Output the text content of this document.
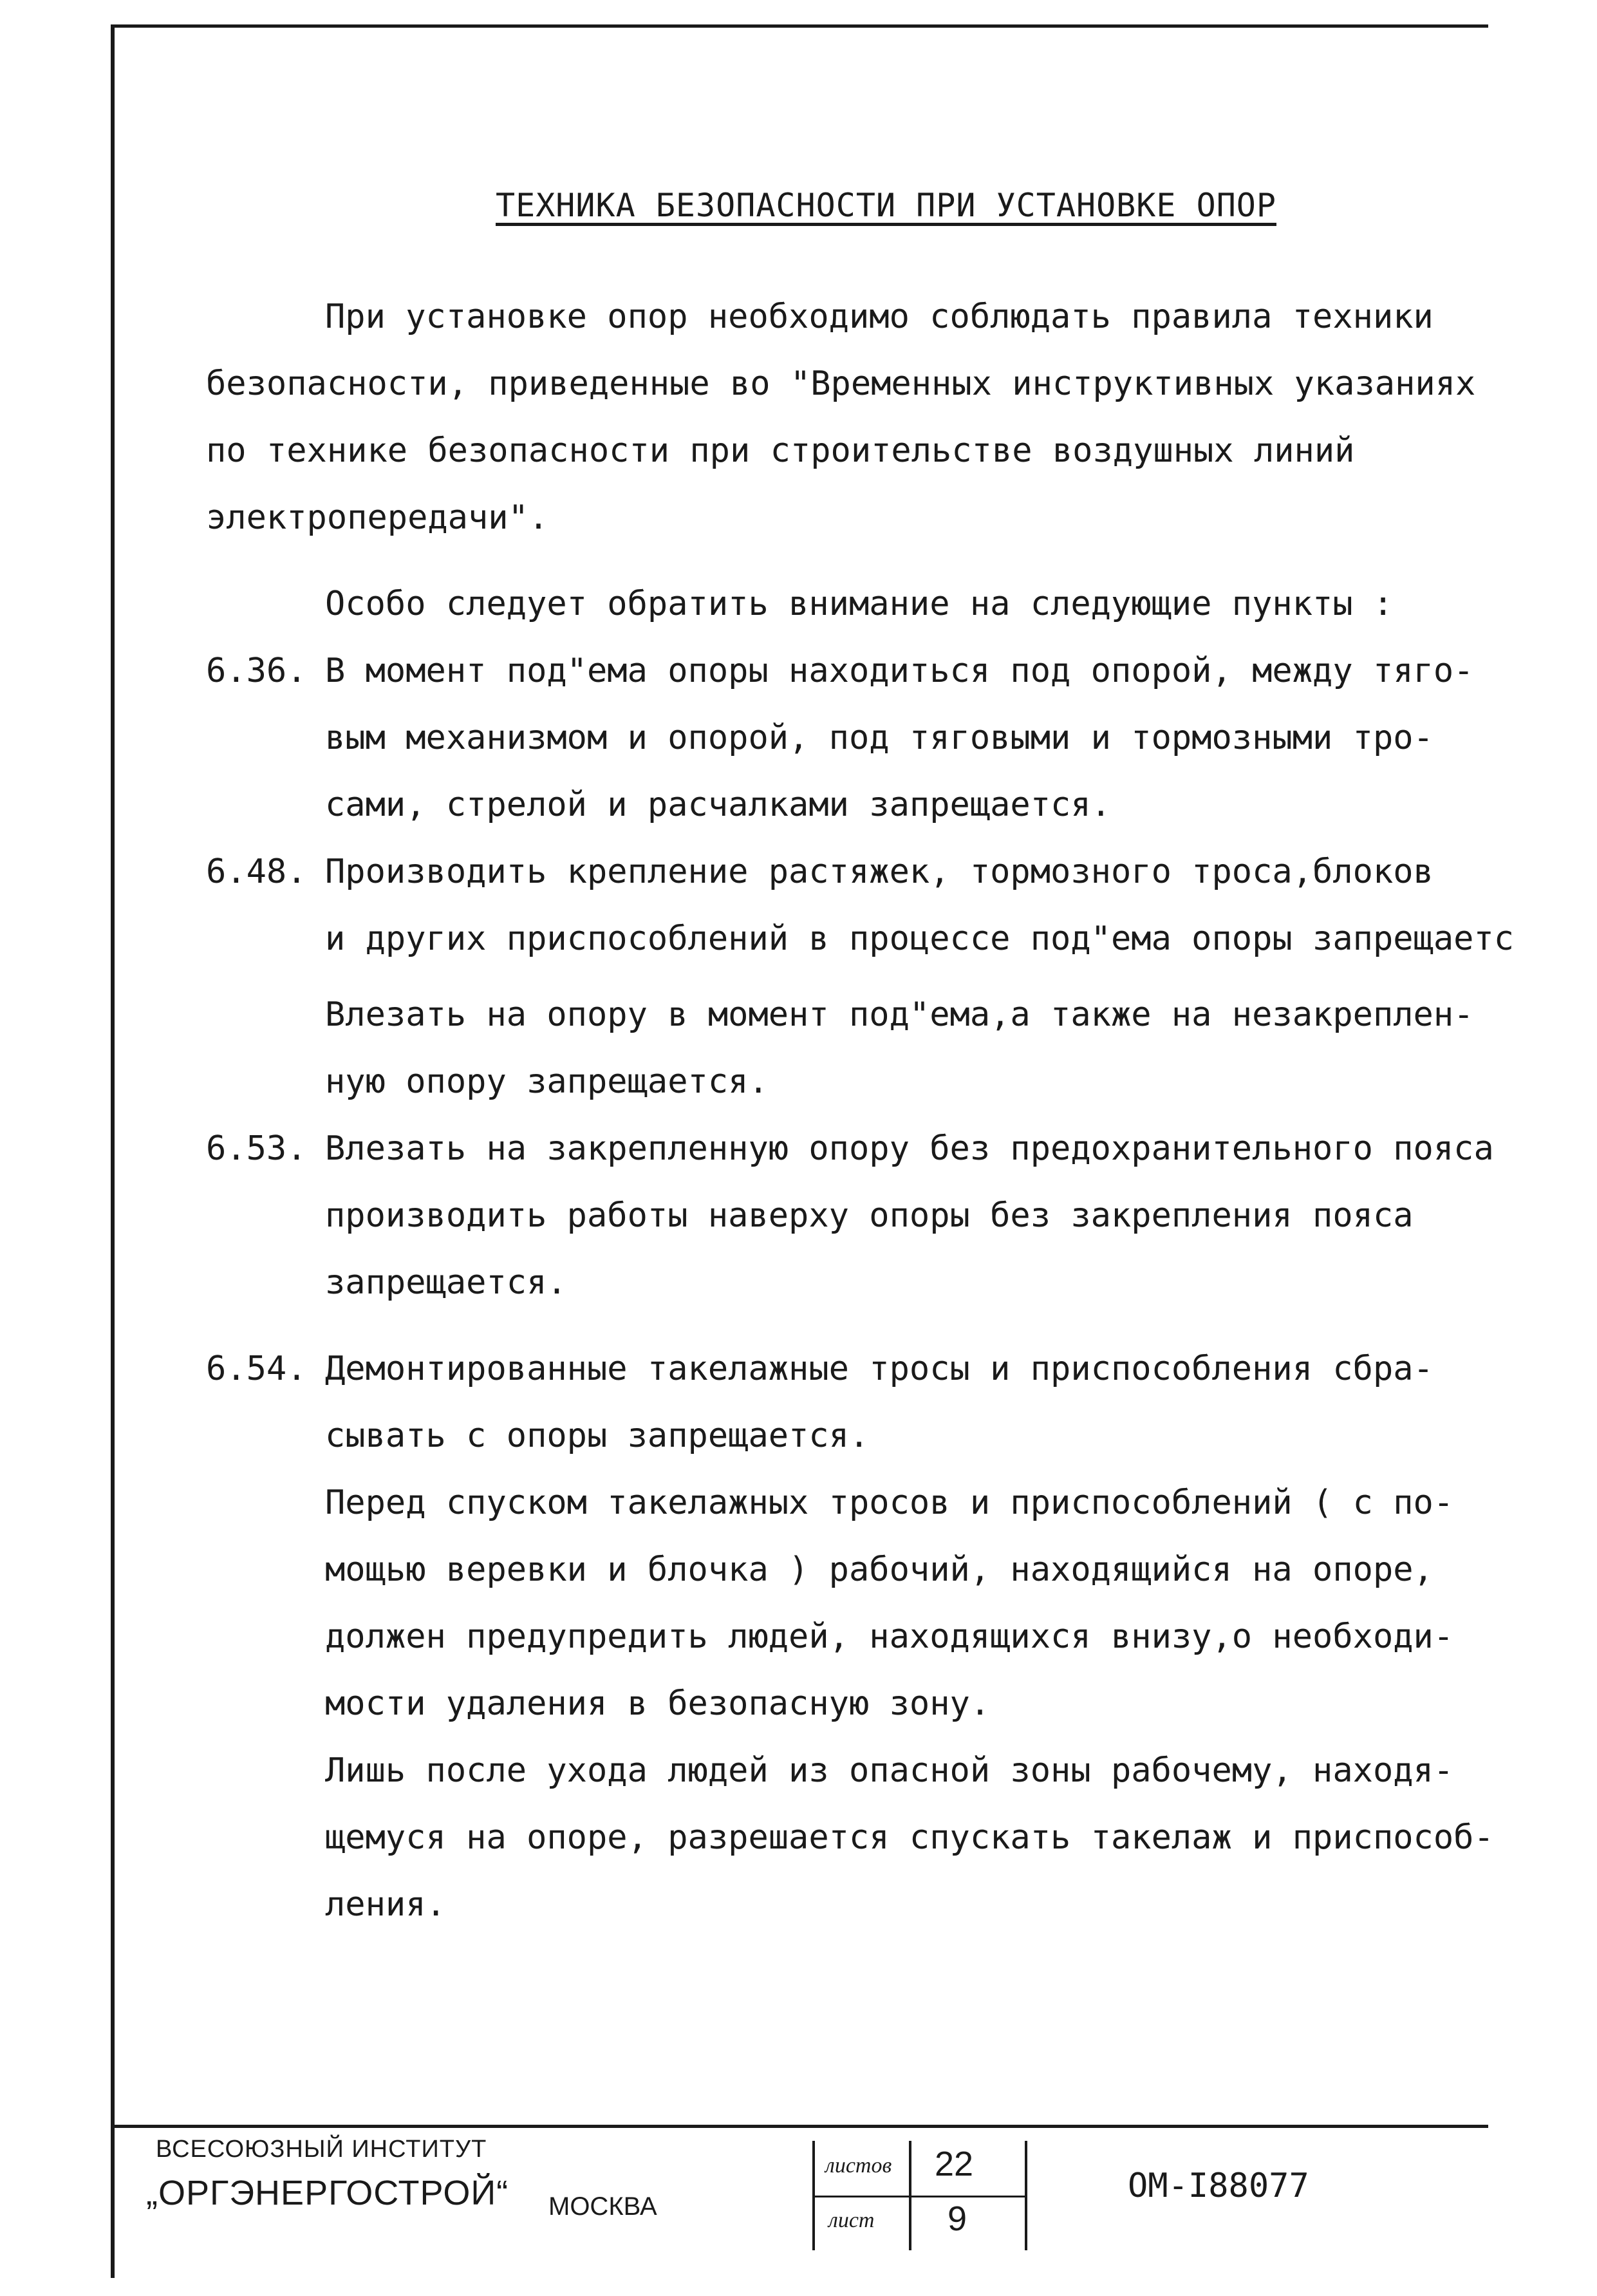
ТЕХНИКА БЕЗОПАСНОСТИ ПРИ УСТАНОВКЕ ОПОР

При установке опор необходимо соблюдать правила техники
безопасности, приведенные во "Временных инструктивных указаниях
по технике безопасности при строительстве воздушных линий
электропередачи".

Особо следует обратить внимание на следующие пункты :

6.36. В момент под"ема опоры находиться под опорой, между тяго-
вым механизмом и опорой, под тяговыми и тормозными тро-
сами, стрелой и расчалками запрещается.
6.48. Производить крепление растяжек, тормозного троса,блоков
и других приспособлений в процессе под"ема опоры запрещаетс
Влезать на опору в момент под"ема,а также на незакреплен-
ную опору запрещается.
6.53. Влезать на закрепленную опору без предохранительного пояса
производить работы наверху опоры без закрепления пояса
запрещается.
6.54. Демонтированные такелажные тросы и приспособления сбра-
сывать с опоры запрещается.
Перед спуском такелажных тросов и приспособлений ( с по-
мощью веревки и блочка ) рабочий, находящийся на опоре,
должен предупредить людей, находящихся внизу,о необходи-
мости удаления в безопасную зону.
Лишь после ухода людей из опасной зоны рабочему, находя-
щемуся на опоре, разрешается спускать такелаж и приспособ-
ления.
ВСЕСОЮЗНЫЙ ИНСТИТУТ
„ОРГЭНЕРГОСТРОЙ“ МОСКВА
листов
лист
22
9
ОМ-I88077
